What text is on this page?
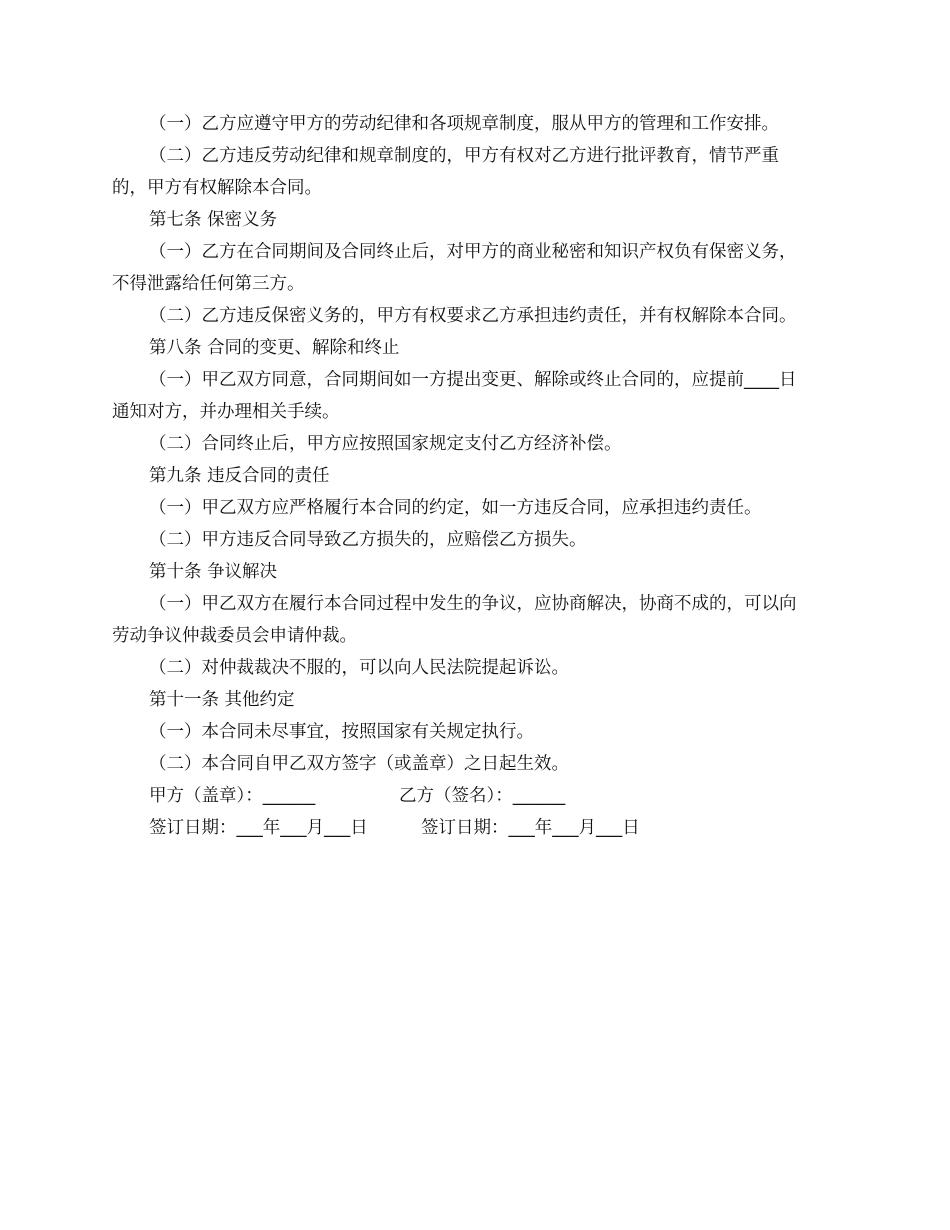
（一）乙方应遵守甲方的劳动纪律和各项规章制度，服从甲方的管理和工作安排。
（二）乙方违反劳动纪律和规章制度的，甲方有权对乙方进行批评教育，情节严重
的，甲方有权解除本合同。
第七条 保密义务
（一）乙方在合同期间及合同终止后，对甲方的商业秘密和知识产权负有保密义务，
不得泄露给任何第三方。
（二）乙方违反保密义务的，甲方有权要求乙方承担违约责任，并有权解除本合同。
第八条 合同的变更、解除和终止
（一）甲乙双方同意，合同期间如一方提出变更、解除或终止合同的，应提前____日
通知对方，并办理相关手续。
（二）合同终止后，甲方应按照国家规定支付乙方经济补偿。
第九条 违反合同的责任
（一）甲乙双方应严格履行本合同的约定，如一方违反合同，应承担违约责任。
（二）甲方违反合同导致乙方损失的，应赔偿乙方损失。
第十条 争议解决
（一）甲乙双方在履行本合同过程中发生的争议，应协商解决，协商不成的，可以向
劳动争议仲裁委员会申请仲裁。
（二）对仲裁裁决不服的，可以向人民法院提起诉讼。
第十一条 其他约定
（一）本合同未尽事宜，按照国家有关规定执行。
（二）本合同自甲乙双方签字（或盖章）之日起生效。
甲方（盖章）：______	乙方（签名）：______
签订日期：___年___月___日	签订日期：___年___月___日
